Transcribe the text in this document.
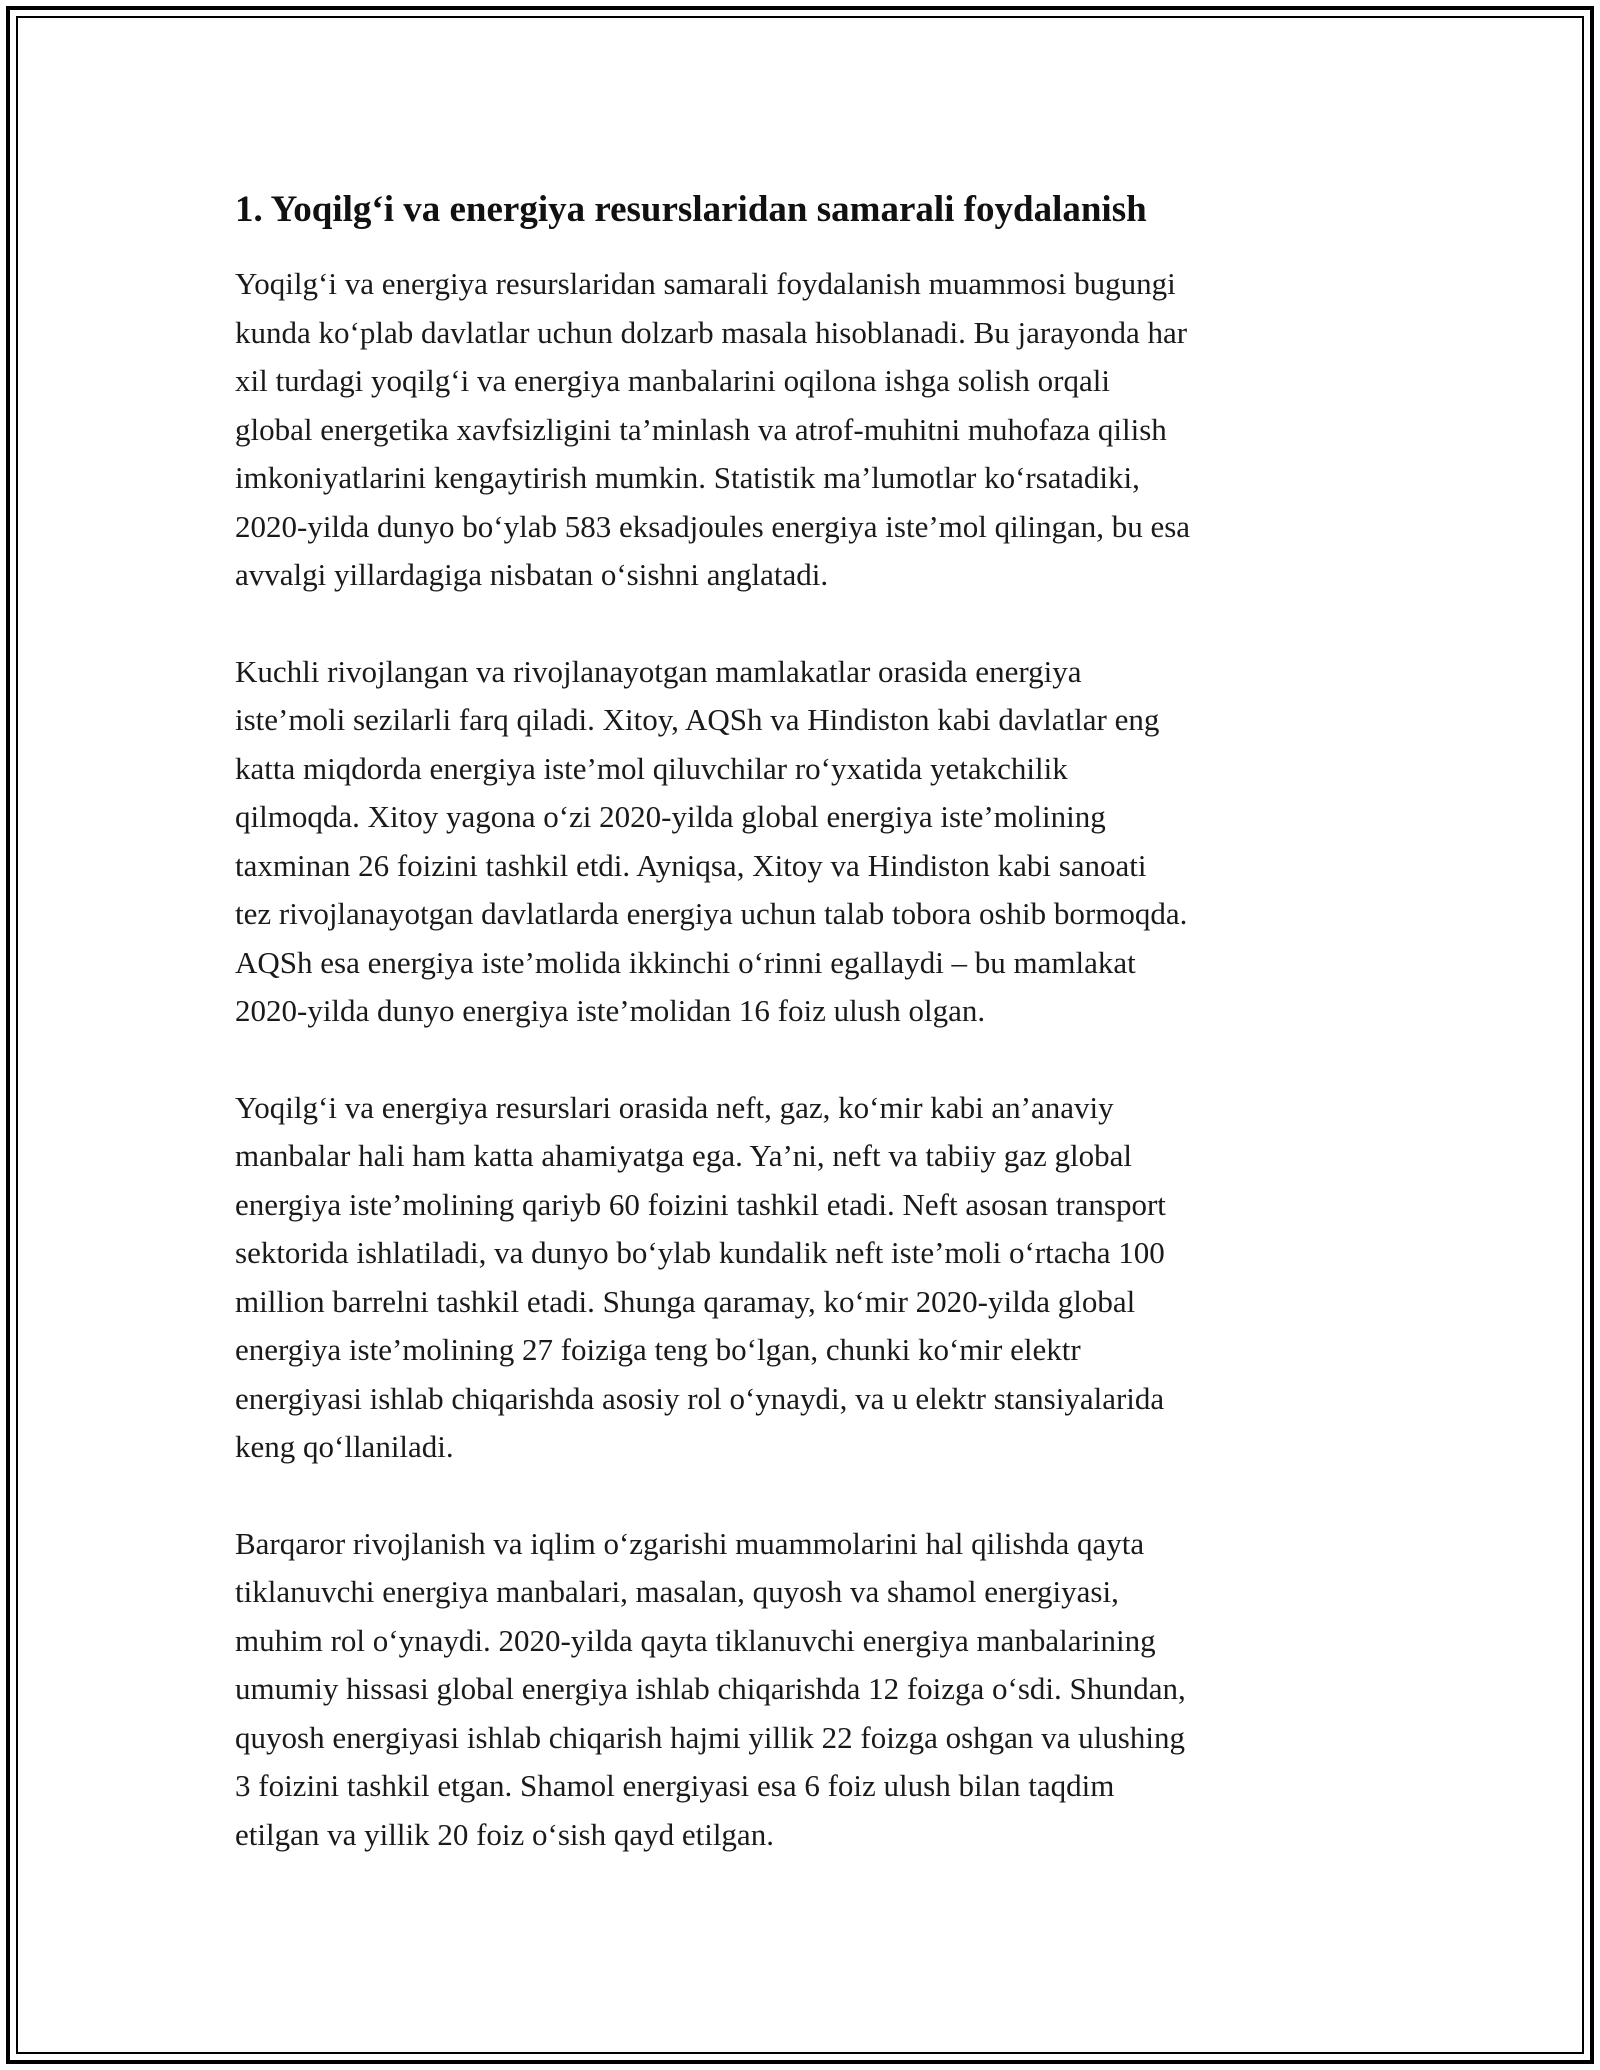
1. Yoqilg‘i va energiya resurslaridan samarali foydalanish

Yoqilg‘i va energiya resurslaridan samarali foydalanish muammosi bugungi
kunda ko‘plab davlatlar uchun dolzarb masala hisoblanadi. Bu jarayonda har
xil turdagi yoqilg‘i va energiya manbalarini oqilona ishga solish orqali
global energetika xavfsizligini ta’minlash va atrof-muhitni muhofaza qilish
imkoniyatlarini kengaytirish mumkin. Statistik ma’lumotlar ko‘rsatadiki,
2020-yilda dunyo bo‘ylab 583 eksadjoules energiya iste’mol qilingan, bu esa
avvalgi yillardagiga nisbatan o‘sishni anglatadi.

Kuchli rivojlangan va rivojlanayotgan mamlakatlar orasida energiya
iste’moli sezilarli farq qiladi. Xitoy, AQSh va Hindiston kabi davlatlar eng
katta miqdorda energiya iste’mol qiluvchilar ro‘yxatida yetakchilik
qilmoqda. Xitoy yagona o‘zi 2020-yilda global energiya iste’molining
taxminan 26 foizini tashkil etdi. Ayniqsa, Xitoy va Hindiston kabi sanoati
tez rivojlanayotgan davlatlarda energiya uchun talab tobora oshib bormoqda.
AQSh esa energiya iste’molida ikkinchi o‘rinni egallaydi – bu mamlakat
2020-yilda dunyo energiya iste’molidan 16 foiz ulush olgan.

Yoqilg‘i va energiya resurslari orasida neft, gaz, ko‘mir kabi an’anaviy
manbalar hali ham katta ahamiyatga ega. Ya’ni, neft va tabiiy gaz global
energiya iste’molining qariyb 60 foizini tashkil etadi. Neft asosan transport
sektorida ishlatiladi, va dunyo bo‘ylab kundalik neft iste’moli o‘rtacha 100
million barrelni tashkil etadi. Shunga qaramay, ko‘mir 2020-yilda global
energiya iste’molining 27 foiziga teng bo‘lgan, chunki ko‘mir elektr
energiyasi ishlab chiqarishda asosiy rol o‘ynaydi, va u elektr stansiyalarida
keng qo‘llaniladi.

Barqaror rivojlanish va iqlim o‘zgarishi muammolarini hal qilishda qayta
tiklanuvchi energiya manbalari, masalan, quyosh va shamol energiyasi,
muhim rol o‘ynaydi. 2020-yilda qayta tiklanuvchi energiya manbalarining
umumiy hissasi global energiya ishlab chiqarishda 12 foizga o‘sdi. Shundan,
quyosh energiyasi ishlab chiqarish hajmi yillik 22 foizga oshgan va ulushing
3 foizini tashkil etgan. Shamol energiyasi esa 6 foiz ulush bilan taqdim
etilgan va yillik 20 foiz o‘sish qayd etilgan.
